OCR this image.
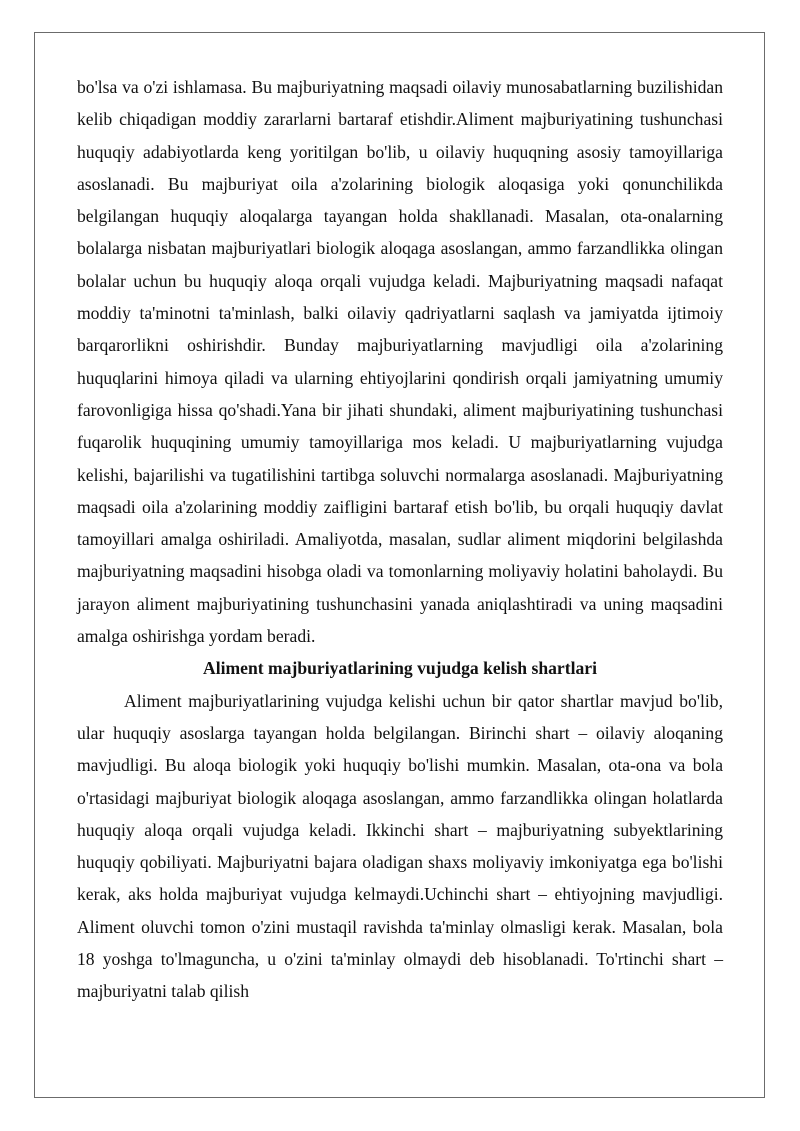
bo'lsa va o'zi ishlamasa. Bu majburiyatning maqsadi oilaviy munosabatlarning buzilishidan kelib chiqadigan moddiy zararlarni bartaraf etishdir.Aliment majburiyatining tushunchasi huquqiy adabiyotlarda keng yoritilgan bo'lib, u oilaviy huquqning asosiy tamoyillariga asoslanadi. Bu majburiyat oila a'zolarining biologik aloqasiga yoki qonunchilikda belgilangan huquqiy aloqalarga tayangan holda shakllanadi. Masalan, ota-onalarning bolalarga nisbatan majburiyatlari biologik aloqaga asoslangan, ammo farzandlikka olingan bolalar uchun bu huquqiy aloqa orqali vujudga keladi. Majburiyatning maqsadi nafaqat moddiy ta'minotni ta'minlash, balki oilaviy qadriyatlarni saqlash va jamiyatda ijtimoiy barqarorlikni oshirishdir. Bunday majburiyatlarning mavjudligi oila a'zolarining huquqlarini himoya qiladi va ularning ehtiyojlarini qondirish orqali jamiyatning umumiy farovonligiga hissa qo'shadi.Yana bir jihati shundaki, aliment majburiyatining tushunchasi fuqarolik huquqining umumiy tamoyillariga mos keladi. U majburiyatlarning vujudga kelishi, bajarilishi va tugatilishini tartibga soluvchi normalarga asoslanadi. Majburiyatning maqsadi oila a'zolarining moddiy zaifligini bartaraf etish bo'lib, bu orqali huquqiy davlat tamoyillari amalga oshiriladi. Amaliyotda, masalan, sudlar aliment miqdorini belgilashda majburiyatning maqsadini hisobga oladi va tomonlarning moliyaviy holatini baholaydi. Bu jarayon aliment majburiyatining tushunchasini yanada aniqlashtiradi va uning maqsadini amalga oshirishga yordam beradi.

Aliment majburiyatlarining vujudga kelish shartlari

Aliment majburiyatlarining vujudga kelishi uchun bir qator shartlar mavjud bo'lib, ular huquqiy asoslarga tayangan holda belgilangan. Birinchi shart – oilaviy aloqaning mavjudligi. Bu aloqa biologik yoki huquqiy bo'lishi mumkin. Masalan, ota-ona va bola o'rtasidagi majburiyat biologik aloqaga asoslangan, ammo farzandlikka olingan holatlarda huquqiy aloqa orqali vujudga keladi. Ikkinchi shart – majburiyatning subyektlarining huquqiy qobiliyati. Majburiyatni bajara oladigan shaxs moliyaviy imkoniyatga ega bo'lishi kerak, aks holda majburiyat vujudga kelmaydi.Uchinchi shart – ehtiyojning mavjudligi. Aliment oluvchi tomon o'zini mustaqil ravishda ta'minlay olmasligi kerak. Masalan, bola 18 yoshga to'lmaguncha, u o'zini ta'minlay olmaydi deb hisoblanadi. To'rtinchi shart – majburiyatni talab qilish
